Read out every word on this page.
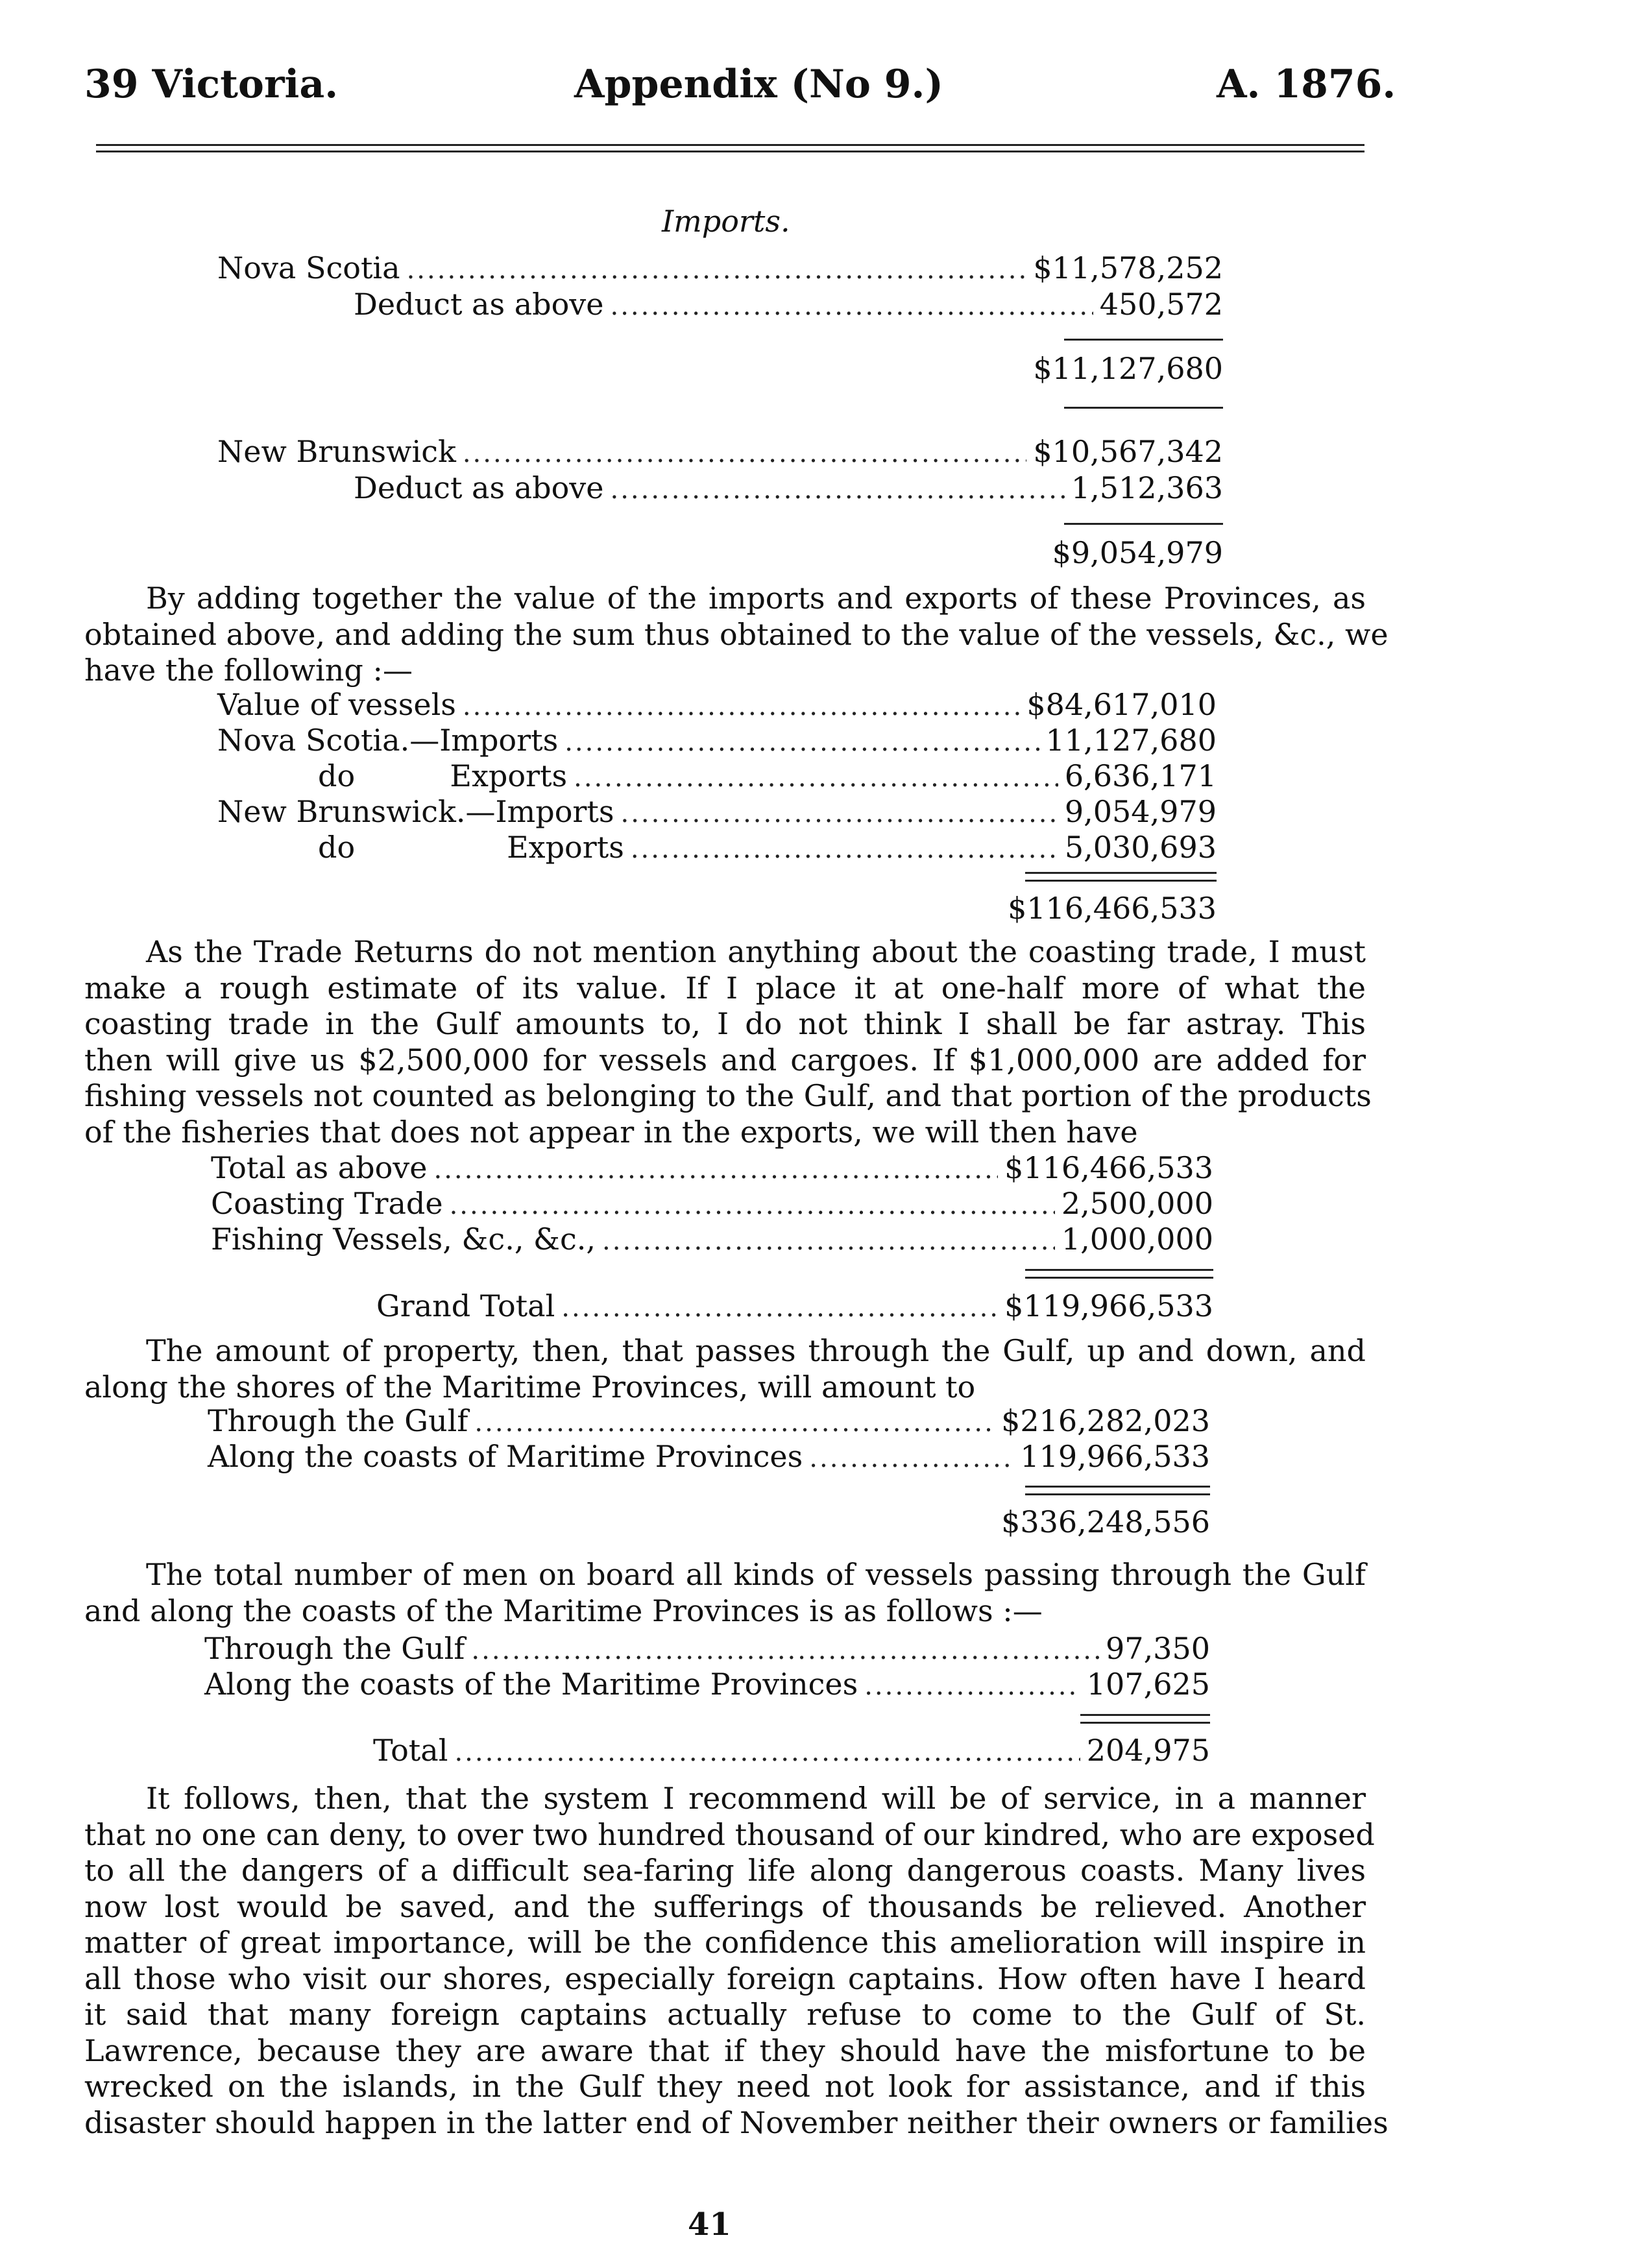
39 Victoria.	Appendix (No 9.)	A. 1876.
Imports.
Nova Scotia .....	$11,578,252
Deduct as above .....	450,572
$11,127,680
New Brunswick .....	$10,567,342
Deduct as above .....	1,512,363
$9,054,979
By adding together the value of the imports and exports of these Provinces, as
obtained above, and adding the sum thus obtained to the value of the vessels, &c., we
have the following :—
Value of vessels .....	$84,617,010
Nova Scotia.—Imports .....	11,127,680
do          Exports .....	6,636,171
New Brunswick.—Imports .....	9,054,979
do                Exports .....	5,030,693
$116,466,533
As the Trade Returns do not mention anything about the coasting trade, I must
make a rough estimate of its value. If I place it at one-half more of what the
coasting trade in the Gulf amounts to, I do not think I shall be far astray. This
then will give us $2,500,000 for vessels and cargoes. If $1,000,000 are added for
fishing vessels not counted as belonging to the Gulf, and that portion of the products
of the fisheries that does not appear in the exports, we will then have
Total as above .....	$116,466,533
Coasting Trade .....	2,500,000
Fishing Vessels, &c., &c., .....	1,000,000
Grand Total .....	$119,966,533
The amount of property, then, that passes through the Gulf, up and down, and
along the shores of the Maritime Provinces, will amount to
Through the Gulf .....	$216,282,023
Along the coasts of Maritime Provinces .....	119,966,533
$336,248,556
The total number of men on board all kinds of vessels passing through the Gulf
and along the coasts of the Maritime Provinces is as follows :—
Through the Gulf .....	97,350
Along the coasts of the Maritime Provinces .....	107,625
Total .....	204,975
It follows, then, that the system I recommend will be of service, in a manner
that no one can deny, to over two hundred thousand of our kindred, who are exposed
to all the dangers of a difficult sea-faring life along dangerous coasts. Many lives
now lost would be saved, and the sufferings of thousands be relieved. Another
matter of great importance, will be the confidence this amelioration will inspire in
all those who visit our shores, especially foreign captains. How often have I heard
it said that many foreign captains actually refuse to come to the Gulf of St.
Lawrence, because they are aware that if they should have the misfortune to be
wrecked on the islands, in the Gulf they need not look for assistance, and if this
disaster should happen in the latter end of November neither their owners or families
41
